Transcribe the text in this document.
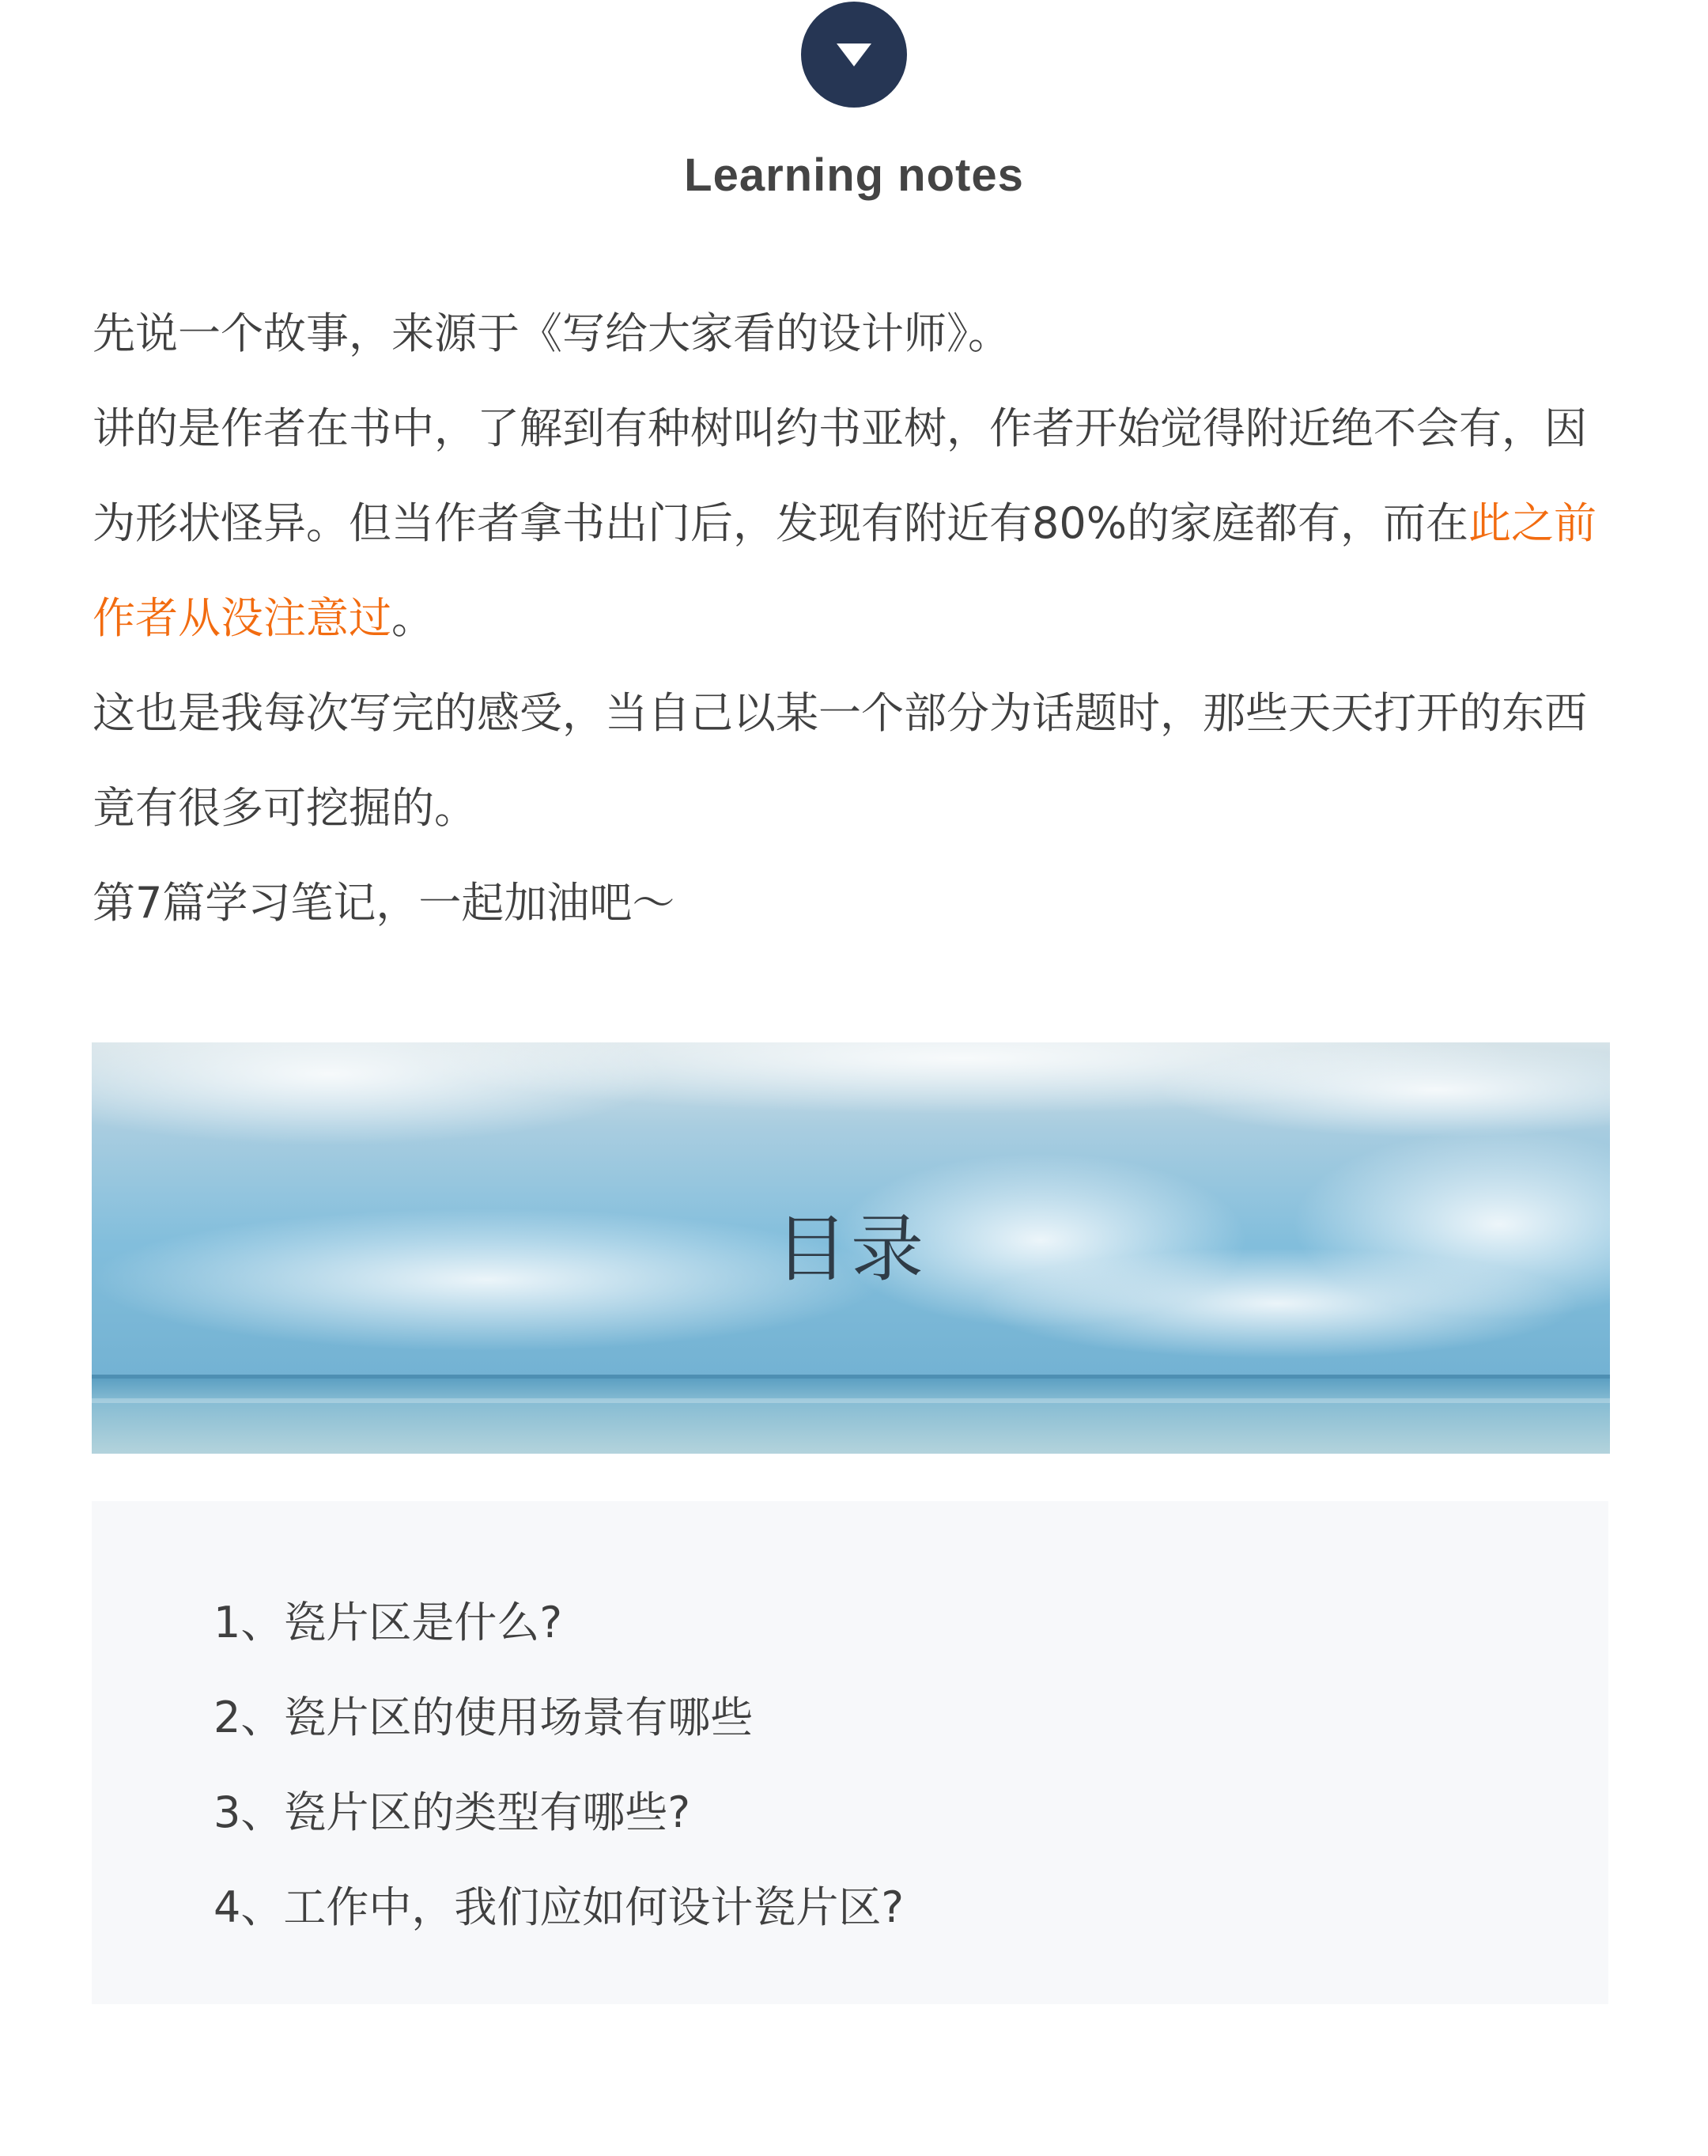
Learning notes

先说一个故事，来源于《写给大家看的设计师》。

讲的是作者在书中，了解到有种树叫约书亚树，作者开始觉得附近绝不会有，因为形状怪异。但当作者拿书出门后，发现有附近有80%的家庭都有，而在此之前作者从没注意过。

这也是我每次写完的感受，当自己以某一个部分为话题时，那些天天打开的东西竟有很多可挖掘的。

第7篇学习笔记，一起加油吧～

目录
1、瓷片区是什么?
2、瓷片区的使用场景有哪些
3、瓷片区的类型有哪些?
4、工作中，我们应如何设计瓷片区?
